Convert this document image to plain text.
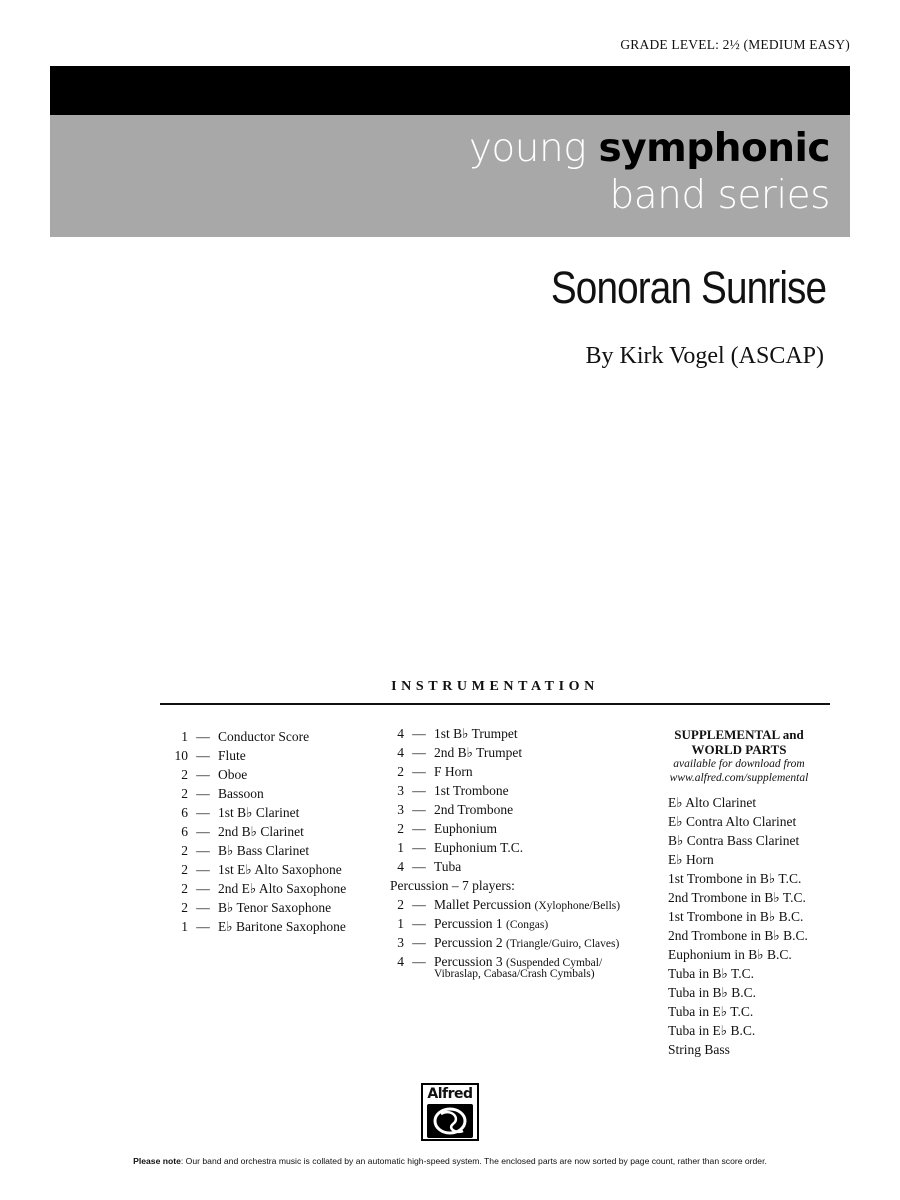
GRADE LEVEL: 2½ (MEDIUM EASY)
young symphonic
band series
Sonoran Sunrise
By Kirk Vogel (ASCAP)
INSTRUMENTATION
1 — Conductor Score
10 — Flute
2 — Oboe
2 — Bassoon
6 — 1st B♭ Clarinet
6 — 2nd B♭ Clarinet
2 — B♭ Bass Clarinet
2 — 1st E♭ Alto Saxophone
2 — 2nd E♭ Alto Saxophone
2 — B♭ Tenor Saxophone
1 — E♭ Baritone Saxophone
4 — 1st B♭ Trumpet
4 — 2nd B♭ Trumpet
2 — F Horn
3 — 1st Trombone
3 — 2nd Trombone
2 — Euphonium
1 — Euphonium T.C.
4 — Tuba
Percussion – 7 players:
2 — Mallet Percussion (Xylophone/Bells)
1 — Percussion 1 (Congas)
3 — Percussion 2 (Triangle/Guiro, Claves)
4 — Percussion 3 (Suspended Cymbal/
Vibraslap, Cabasa/Crash Cymbals)
SUPPLEMENTAL and
WORLD PARTS
available for download from
www.alfred.com/supplemental
E♭ Alto Clarinet
E♭ Contra Alto Clarinet
B♭ Contra Bass Clarinet
E♭ Horn
1st Trombone in B♭ T.C.
2nd Trombone in B♭ T.C.
1st Trombone in B♭ B.C.
2nd Trombone in B♭ B.C.
Euphonium in B♭ B.C.
Tuba in B♭ T.C.
Tuba in B♭ B.C.
Tuba in E♭ T.C.
Tuba in E♭ B.C.
String Bass
Alfred
Please note: Our band and orchestra music is collated by an automatic high-speed system. The enclosed parts are now sorted by page count, rather than score order.
